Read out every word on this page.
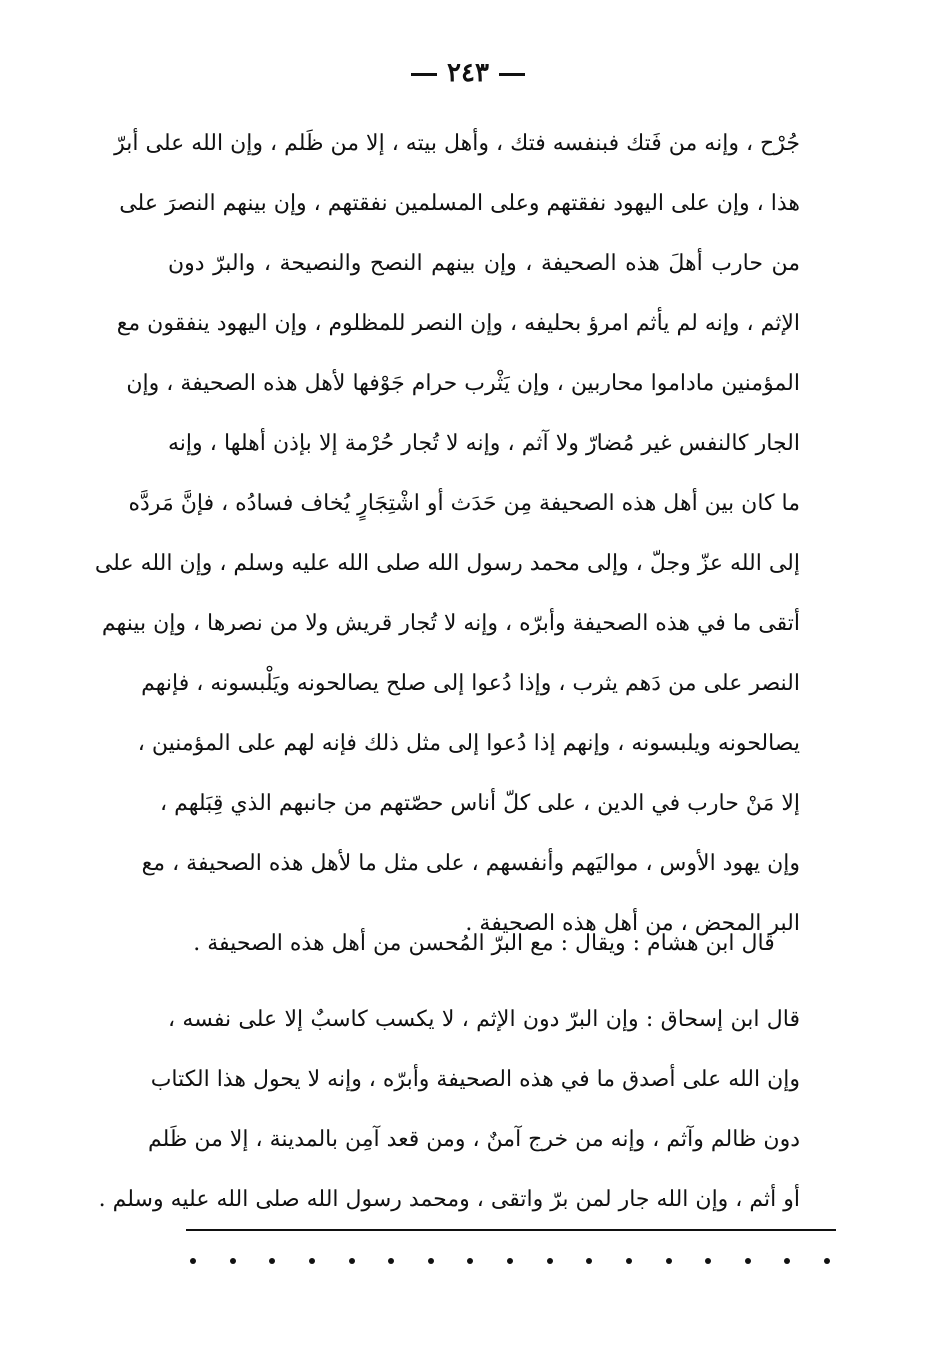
٢٤٣
جُرْح ، وإنه من فَتك فبنفسه فتك ، وأهل بيته ، إلا من ظَلم ، وإن الله على أبرّ
هذا ، وإن على اليهود نفقتهم وعلى المسلمين نفقتهم ، وإن بينهم النصرَ على
من حارب أهلَ هذه الصحيفة ، وإن بينهم النصح والنصيحة ، والبرّ دون
الإثم ، وإنه لم يأثم امرؤ بحليفه ، وإن النصر للمظلوم ، وإن اليهود ينفقون مع
المؤمنين ماداموا محاربين ، وإن يَثْرب حرام جَوْفها لأهل هذه الصحيفة ، وإن
الجار كالنفس غير مُضارّ ولا آثم ، وإنه لا تُجار حُرْمة إلا بإذن أهلها ، وإنه
ما كان بين أهل هذه الصحيفة مِن حَدَث أو اشْتِجَارٍ يُخاف فسادُه ، فإنَّ مَردَّه
إلى الله عزّ وجلّ ، وإلى محمد رسول الله صلى الله عليه وسلم ، وإن الله على
أتقى ما في هذه الصحيفة وأبرّه ، وإنه لا تُجار قريش ولا من نصرها ، وإن بينهم
النصر على من دَهم يثرب ، وإذا دُعوا إلى صلح يصالحونه ويَلْبسونه ، فإنهم
يصالحونه ويلبسونه ، وإنهم إذا دُعوا إلى مثل ذلك فإنه لهم على المؤمنين ،
إلا مَنْ حارب في الدين ، على كلّ أناس حصّتهم من جانبهم الذي قِبَلهم ،
وإن يهود الأوس ، مواليَهم وأنفسهم ، على مثل ما لأهل هذه الصحيفة ، مع
البر المحض ، من أهل هذه الصحيفة .
قال ابن هشام : ويقال : مع البرّ المُحسن من أهل هذه الصحيفة .
قال ابن إسحاق : وإن البرّ دون الإثم ، لا يكسب كاسبٌ إلا على نفسه ،
وإن الله على أصدق ما في هذه الصحيفة وأبرّه ، وإنه لا يحول هذا الكتاب
دون ظالم وآثم ، وإنه من خرج آمنٌ ، ومن قعد آمِن بالمدينة ، إلا من ظَلم
أو أثم ، وإن الله جار لمن برّ واتقى ، ومحمد رسول الله صلى الله عليه وسلم .
